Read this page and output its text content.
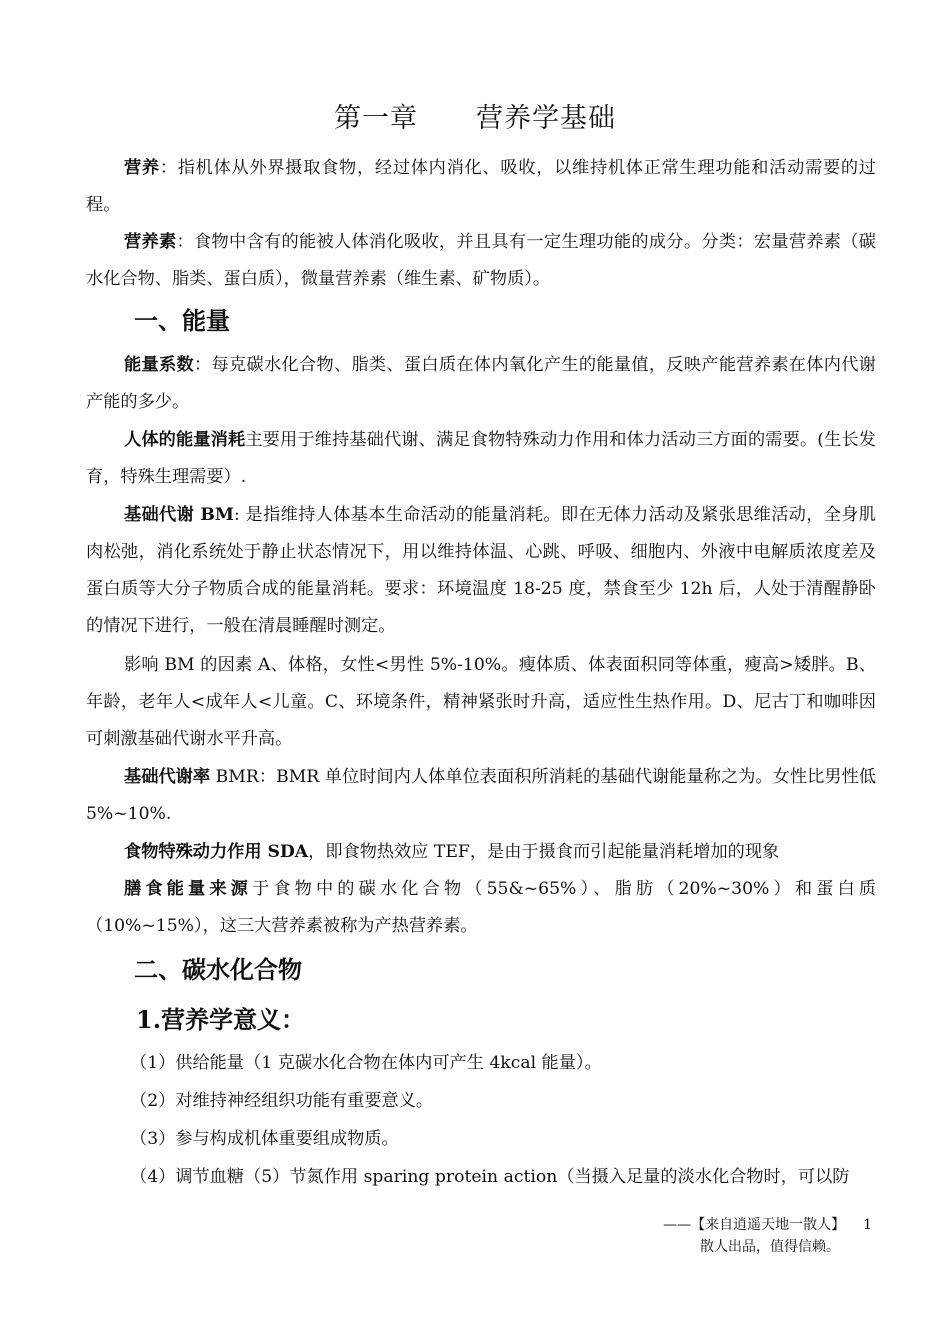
第一章 营养学基础

营养：指机体从外界摄取食物，经过体内消化、吸收，以维持机体正常生理功能和活动需要的过程。

营养素：食物中含有的能被人体消化吸收，并且具有一定生理功能的成分。分类：宏量营养素（碳水化合物、脂类、蛋白质），微量营养素（维生素、矿物质）。

一、能量

能量系数：每克碳水化合物、脂类、蛋白质在体内氧化产生的能量值，反映产能营养素在体内代谢产能的多少。

人体的能量消耗主要用于维持基础代谢、满足食物特殊动力作用和体力活动三方面的需要。(生长发育，特殊生理需要）.

基础代谢 BM: 是指维持人体基本生命活动的能量消耗。即在无体力活动及紧张思维活动，全身肌肉松弛，消化系统处于静止状态情况下，用以维持体温、心跳、呼吸、细胞内、外液中电解质浓度差及蛋白质等大分子物质合成的能量消耗。要求：环境温度 18-25 度，禁食至少 12h 后，人处于清醒静卧的情况下进行，一般在清晨睡醒时测定。

影响 BM 的因素 A、体格，女性<男性 5%-10%。瘦体质、体表面积同等体重，瘦高>矮胖。B、年龄，老年人<成年人<儿童。C、环境条件，精神紧张时升高，适应性生热作用。D、尼古丁和咖啡因可刺激基础代谢水平升高。

基础代谢率 BMR：BMR 单位时间内人体单位表面积所消耗的基础代谢能量称之为。女性比男性低 5%~10%.

食物特殊动力作用 SDA，即食物热效应 TEF，是由于摄食而引起能量消耗增加的现象

膳食能量来源于食物中的碳水化合物（55&~65%）、脂肪（20%~30%）和蛋白质（10%~15%），这三大营养素被称为产热营养素。

二、碳水化合物
1.营养学意义：
（1）供给能量（1 克碳水化合物在体内可产生 4kcal 能量）。
（2）对维持神经组织功能有重要意义。
（3）参与构成机体重要组成物质。
（4）调节血糖（5）节氮作用 sparing protein action（当摄入足量的淡水化合物时，可以防
——【来自逍遥天地一散人】 1
散人出品，值得信赖。
